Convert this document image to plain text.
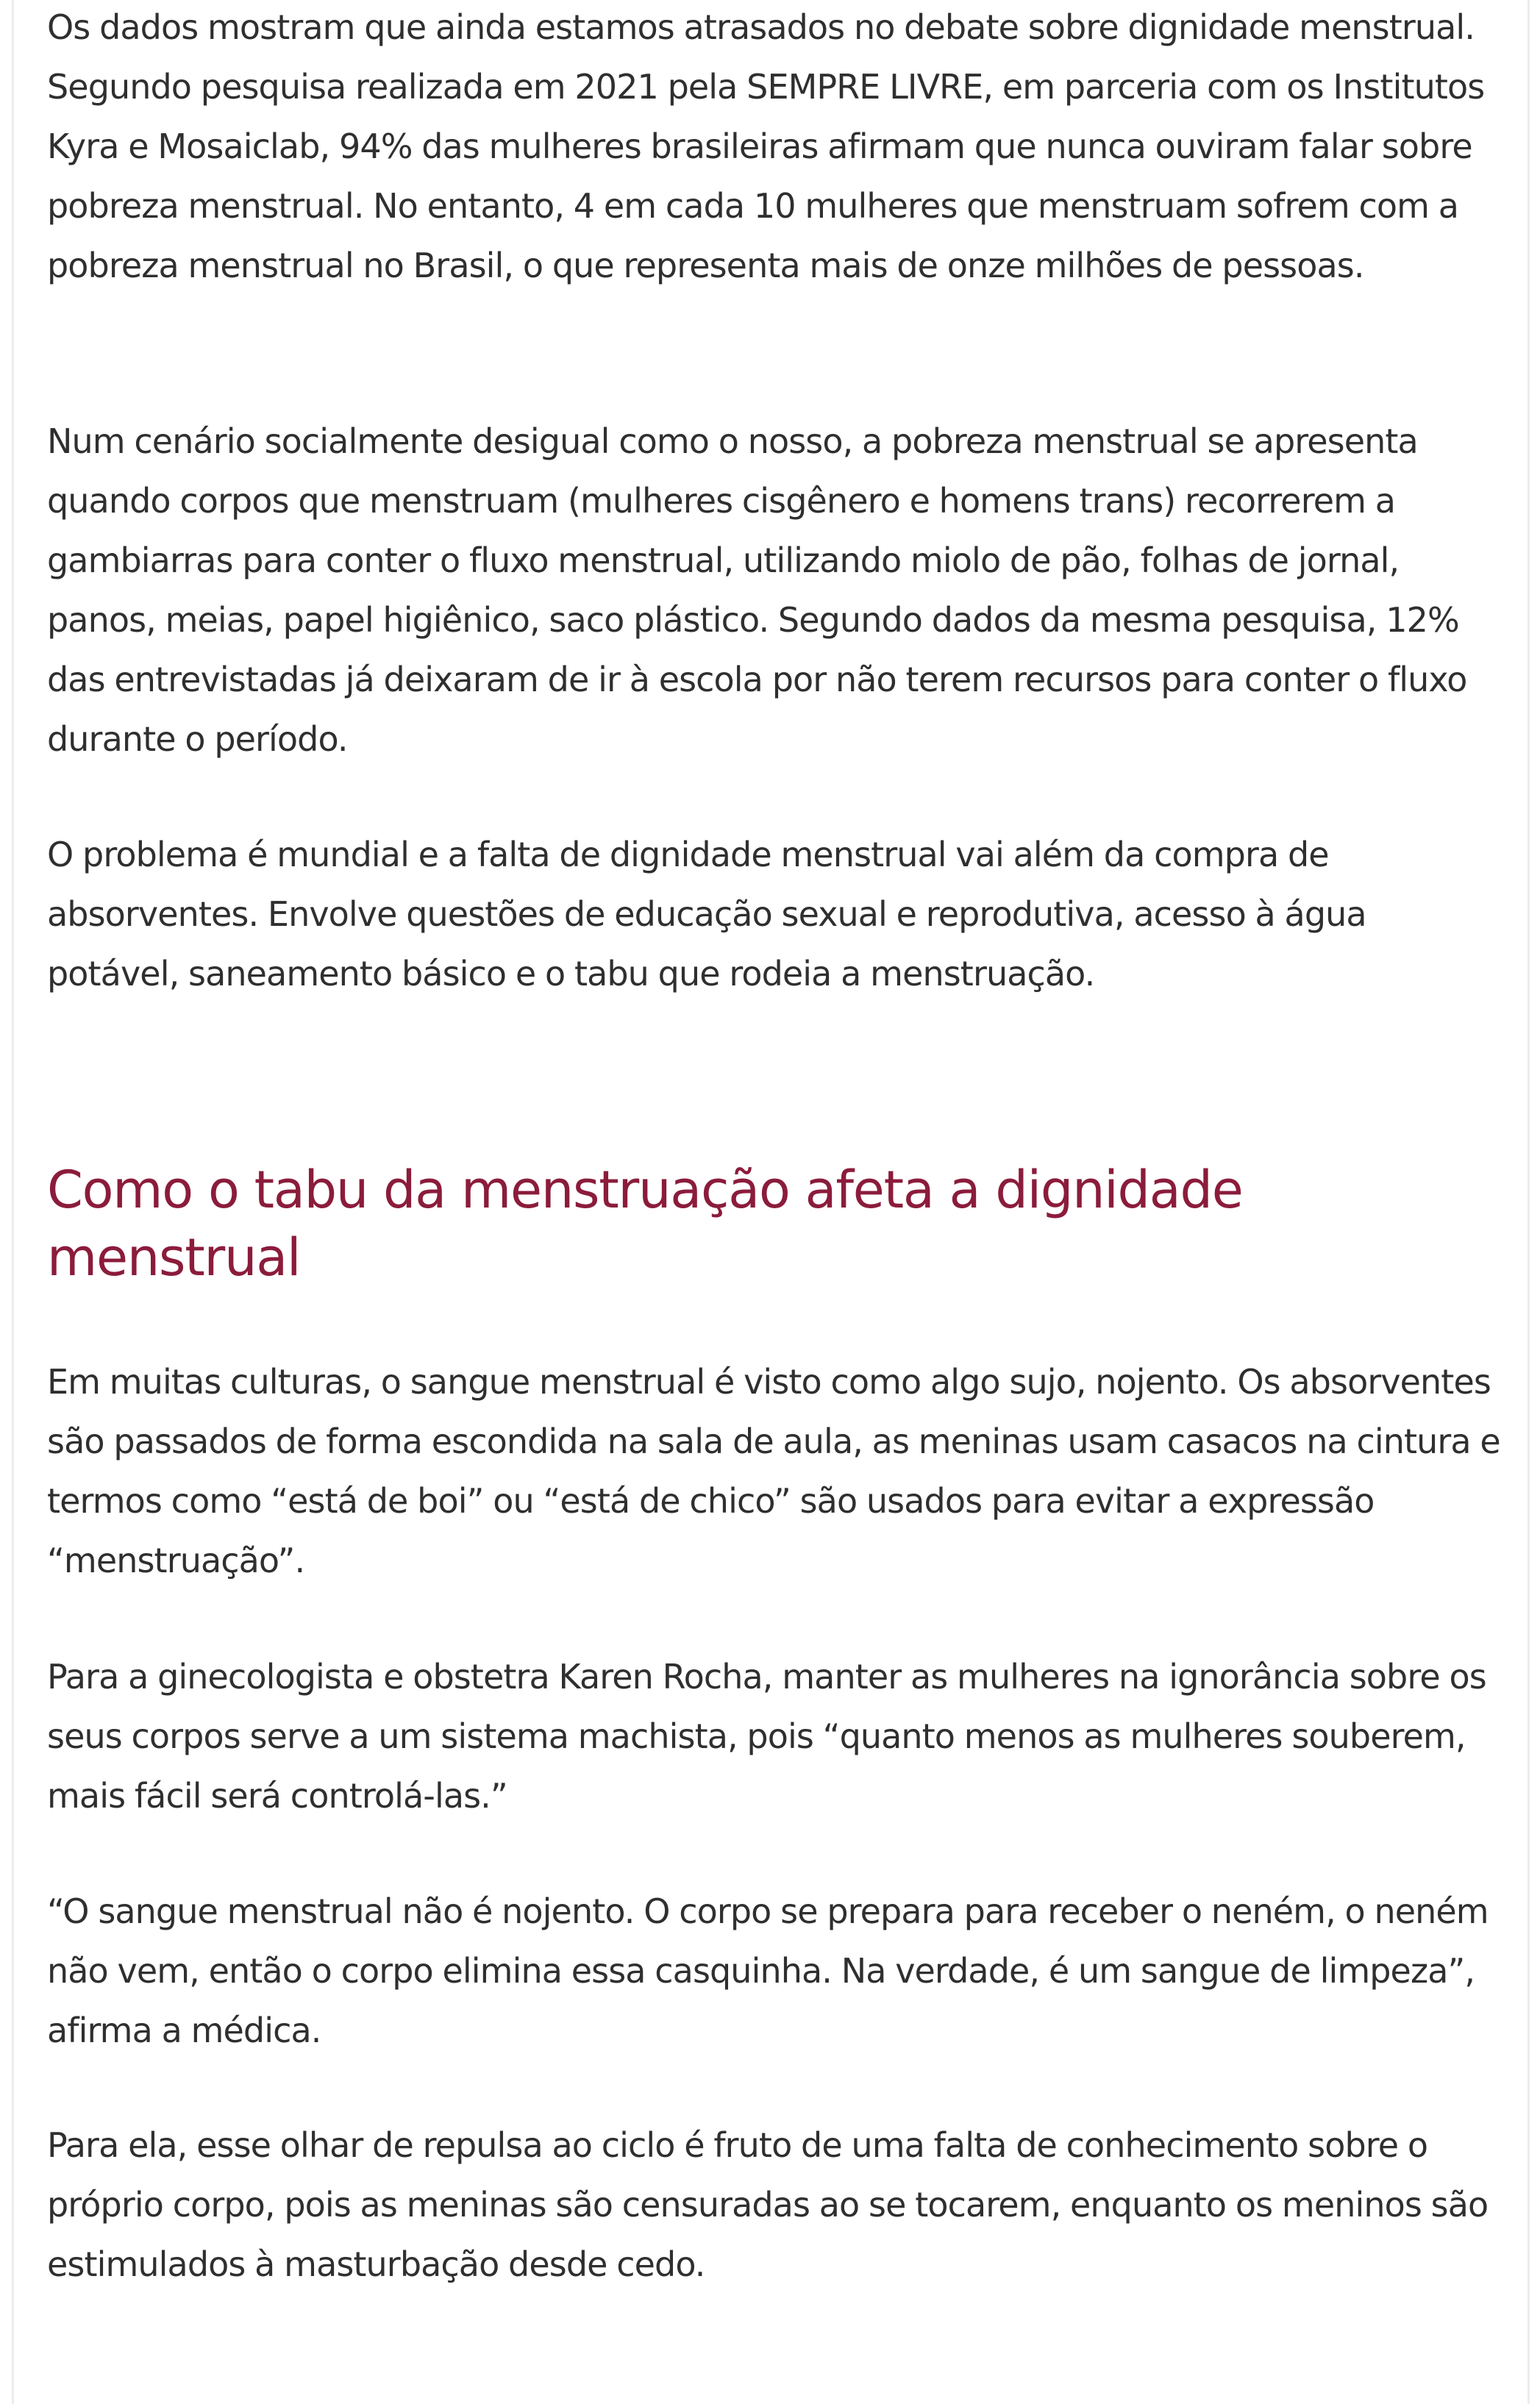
Os dados mostram que ainda estamos atrasados no debate sobre dignidade menstrual. Segundo pesquisa realizada em 2021 pela SEMPRE LIVRE, em parceria com os Institutos Kyra e Mosaiclab, 94% das mulheres brasileiras afirmam que nunca ouviram falar sobre pobreza menstrual. No entanto, 4 em cada 10 mulheres que menstruam sofrem com a pobreza menstrual no Brasil, o que representa mais de onze milhões de pessoas.

Num cenário socialmente desigual como o nosso, a pobreza menstrual se apresenta quando corpos que menstruam (mulheres cisgênero e homens trans) recorrerem a gambiarras para conter o fluxo menstrual, utilizando miolo de pão, folhas de jornal, panos, meias, papel higiênico, saco plástico. Segundo dados da mesma pesquisa, 12% das entrevistadas já deixaram de ir à escola por não terem recursos para conter o fluxo durante o período.

O problema é mundial e a falta de dignidade menstrual vai além da compra de absorventes. Envolve questões de educação sexual e reprodutiva, acesso à água potável, saneamento básico e o tabu que rodeia a menstruação.

Como o tabu da menstruação afeta a dignidade menstrual

Em muitas culturas, o sangue menstrual é visto como algo sujo, nojento. Os absorventes são passados de forma escondida na sala de aula, as meninas usam casacos na cintura e termos como “está de boi” ou “está de chico” são usados para evitar a expressão “menstruação”.

Para a ginecologista e obstetra Karen Rocha, manter as mulheres na ignorância sobre os seus corpos serve a um sistema machista, pois “quanto menos as mulheres souberem, mais fácil será controlá-las.”

“O sangue menstrual não é nojento. O corpo se prepara para receber o neném, o neném não vem, então o corpo elimina essa casquinha. Na verdade, é um sangue de limpeza”, afirma a médica.

Para ela, esse olhar de repulsa ao ciclo é fruto de uma falta de conhecimento sobre o próprio corpo, pois as meninas são censuradas ao se tocarem, enquanto os meninos são estimulados à masturbação desde cedo.
